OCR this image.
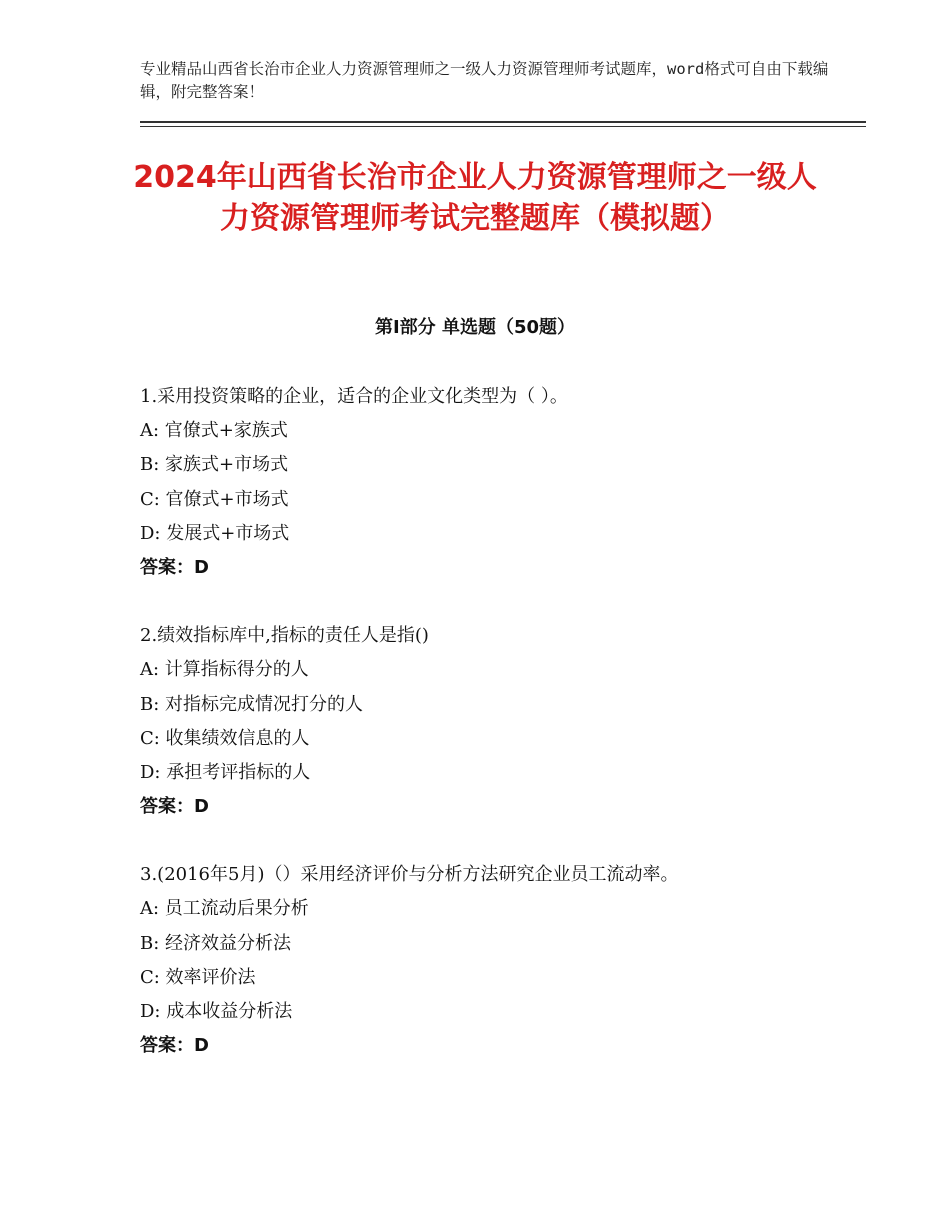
专业精品山西省长治市企业人力资源管理师之一级人力资源管理师考试题库，word格式可自由下载编辑，附完整答案！
2024年山西省长治市企业人力资源管理师之一级人力资源管理师考试完整题库（模拟题）
第Ⅰ部分 单选题（50题）
1.采用投资策略的企业，适合的企业文化类型为（ ）。
A: 官僚式+家族式
B: 家族式+市场式
C: 官僚式+市场式
D: 发展式+市场式
答案：D
2.绩效指标库中,指标的责任人是指()
A: 计算指标得分的人
B: 对指标完成情况打分的人
C: 收集绩效信息的人
D: 承担考评指标的人
答案：D
3.(2016年5月)（）采用经济评价与分析方法研究企业员工流动率。
A: 员工流动后果分析
B: 经济效益分析法
C: 效率评价法
D: 成本收益分析法
答案：D
